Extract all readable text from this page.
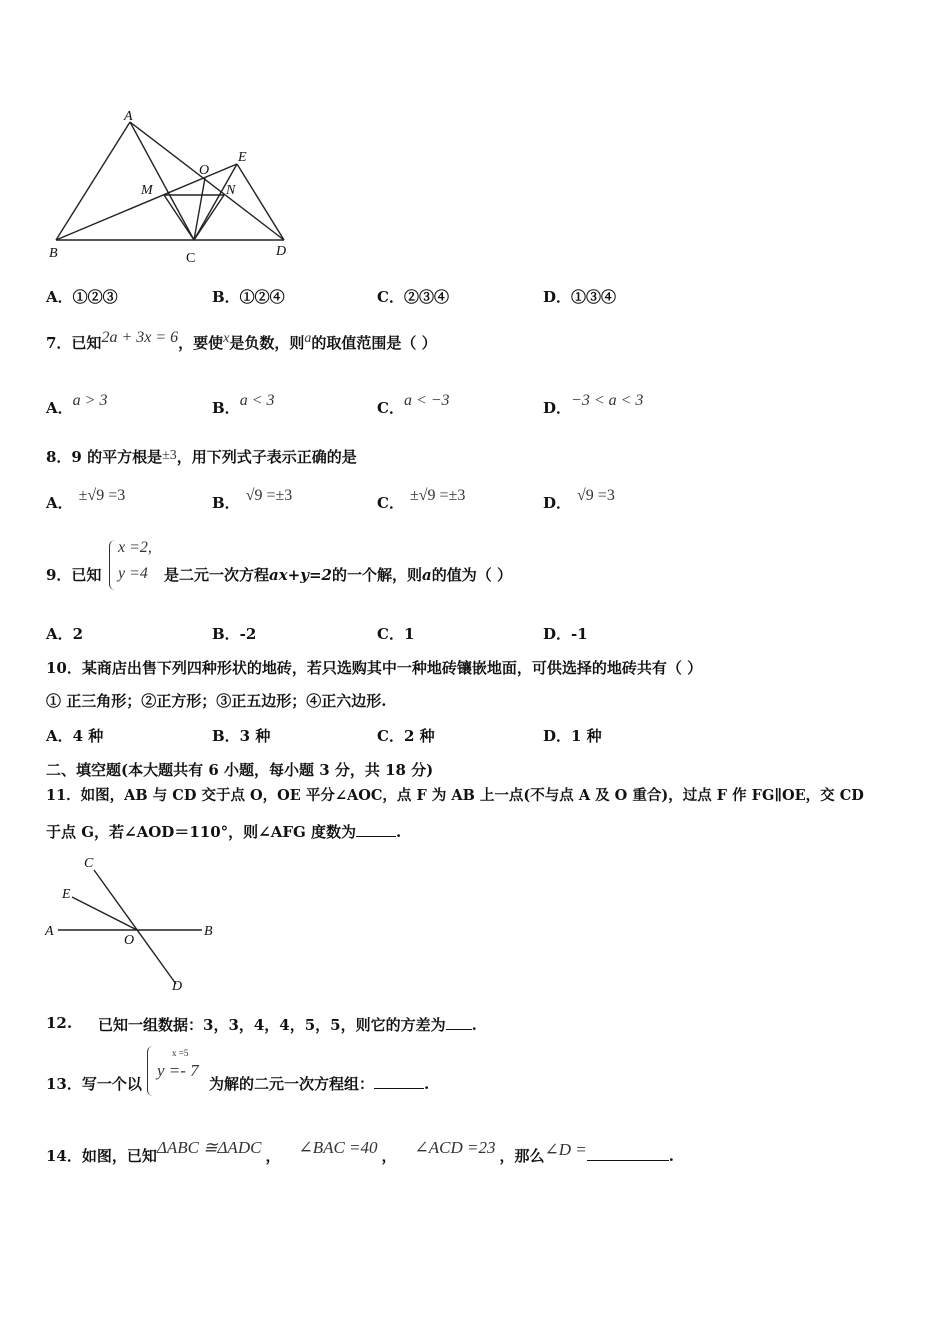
A
B	C	D
E
M	N
O
A．①②③	B．①②④	C．②③④	D．①③④
7．已知2a + 3x = 6，要使x是负数，则a的取值范围是（ ）
A．a > 3	B．a < 3	C．a < −3	D．−3 < a < 3
8．9 的平方根是±3，用下列式子表示正确的是
A． ±√9 =3	B． √9 =±3	C． ±√9 =±3	D． √9 =3
9．已知
x =2,
y =4 是二元一次方程ax+y=2的一个解，则a的值为（ ）
A．2	B．-2	C．1	D．-1
10．某商店出售下列四种形状的地砖，若只选购其中一种地砖镶嵌地面，可供选择的地砖共有（ ）
① 正三角形；②正方形；③正五边形；④正六边形.
A．4 种	B．3 种	C．2 种	D．1 种
二、填空题(本大题共有 6 小题，每小题 3 分，共 18 分)
11．如图，AB 与 CD 交于点 O，OE 平分∠AOC，点 F 为 AB 上一点(不与点 A 及 O 重合)，过点 F 作 FG∥OE，交 CD
于点 G，若∠AOD＝110°，则∠AFG 度数为	.
A	B
C
D
E
O
12. 已知一组数据：3，3，4，4，5，5，则它的方差为 .
13．写一个以
x =5
y =- 7
为解的二元一次方程组：	.
14．如图，已知ΔABC ≅ΔADC ， ∠BAC =40 ， ∠ACD =23 ，那么∠D =	.
